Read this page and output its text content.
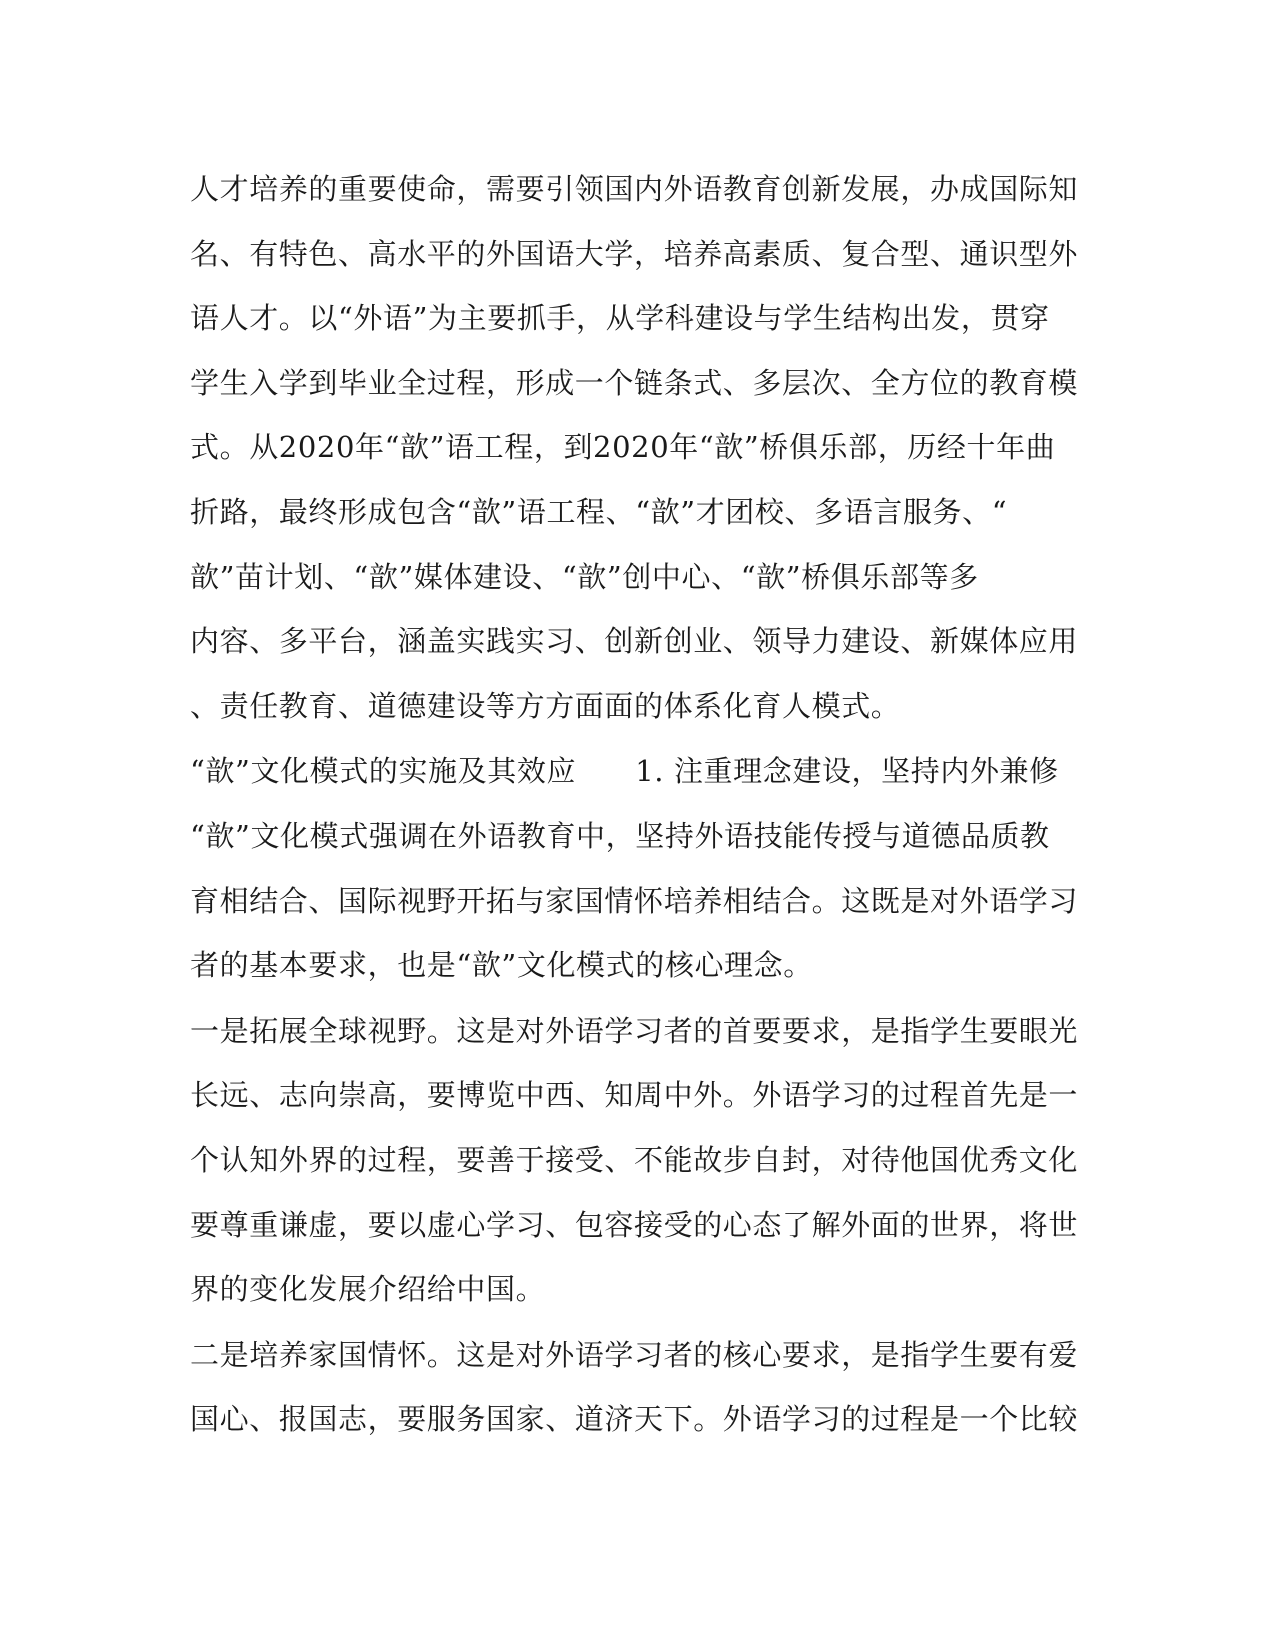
人才培养的重要使命，需要引领国内外语教育创新发展，办成国际知

名、有特色、高水平的外国语大学，培养高素质、复合型、通识型外

语人才。以“外语”为主要抓手，从学科建设与学生结构出发，贯穿

学生入学到毕业全过程，形成一个链条式、多层次、全方位的教育模

式。从2020年“歆”语工程，到2020年“歆”桥俱乐部，历经十年曲

折路，最终形成包含“歆”语工程、“歆”才团校、多语言服务、“

歆”苗计划、“歆”媒体建设、“歆”创中心、“歆”桥俱乐部等多

内容、多平台，涵盖实践实习、创新创业、领导力建设、新媒体应用

、责任教育、道德建设等方方面面的体系化育人模式。

“歆”文化模式的实施及其效应　　1. 注重理念建设，坚持内外兼修

“歆”文化模式强调在外语教育中，坚持外语技能传授与道德品质教

育相结合、国际视野开拓与家国情怀培养相结合。这既是对外语学习

者的基本要求，也是“歆”文化模式的核心理念。

一是拓展全球视野。这是对外语学习者的首要要求，是指学生要眼光

长远、志向崇高，要博览中西、知周中外。外语学习的过程首先是一

个认知外界的过程，要善于接受、不能故步自封，对待他国优秀文化

要尊重谦虚，要以虚心学习、包容接受的心态了解外面的世界，将世

界的变化发展介绍给中国。

二是培养家国情怀。这是对外语学习者的核心要求，是指学生要有爱

国心、报国志，要服务国家、道济天下。外语学习的过程是一个比较
